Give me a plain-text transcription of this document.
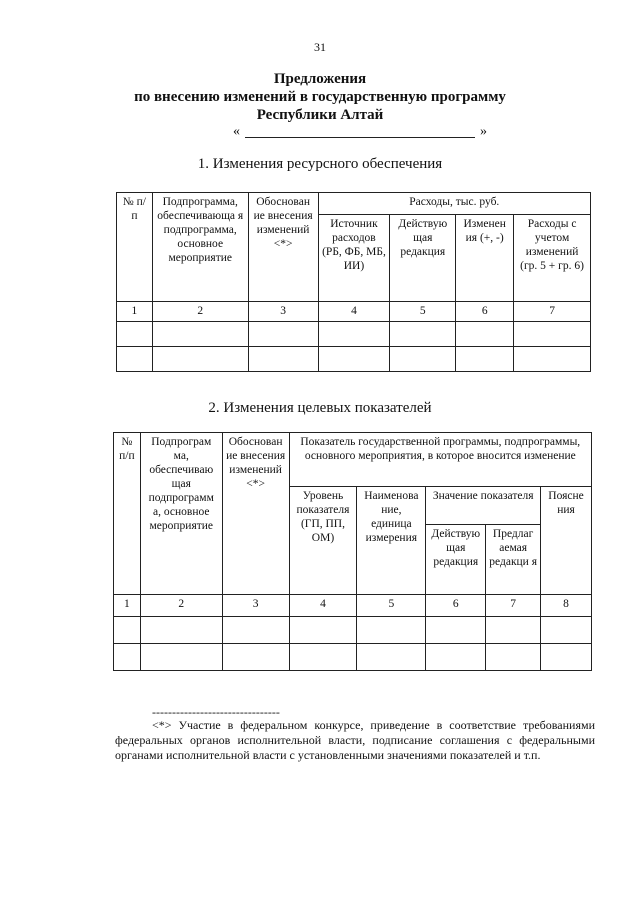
31
Предложения
по внесению изменений в государственную программу
Республики Алтай
«	»
1. Изменения ресурсного обеспечения
№ п/п	Подпрограмма, обеспечивающа я подпрограмма, основное мероприятие	Обоснован ие внесения изменений <*>	Расходы, тыс. руб.			
			Источник расходов (РБ, ФБ, МБ, ИИ)	Действую щая редакция	Изменен ия (+, -)	Расходы с учетом изменений (гр. 5 + гр. 6)
1	2	3	4	5	6	7

2. Изменения целевых показателей
№ п/п	Подпрограм ма, обеспечиваю щая подпрограмм а, основное мероприятие	Обоснован ие внесения изменений <*>	Показатель государственной программы, подпрограммы, основного мероприятия, в которое вносится изменение				
			Уровень показателя (ГП, ПП, ОМ)	Наименова ние, единица измерения	Значение показателя		Поясне ния
					Действую щая редакция	Предлаг аемая редакци я	
1	2	3	4	5	6	7	8

--------------------------------

<*> Участие в федеральном конкурсе, приведение в соответствие требованиями федеральных органов исполнительной власти, подписание соглашения с федеральными органами исполнительной власти с установленными значениями показателей и т.п.
